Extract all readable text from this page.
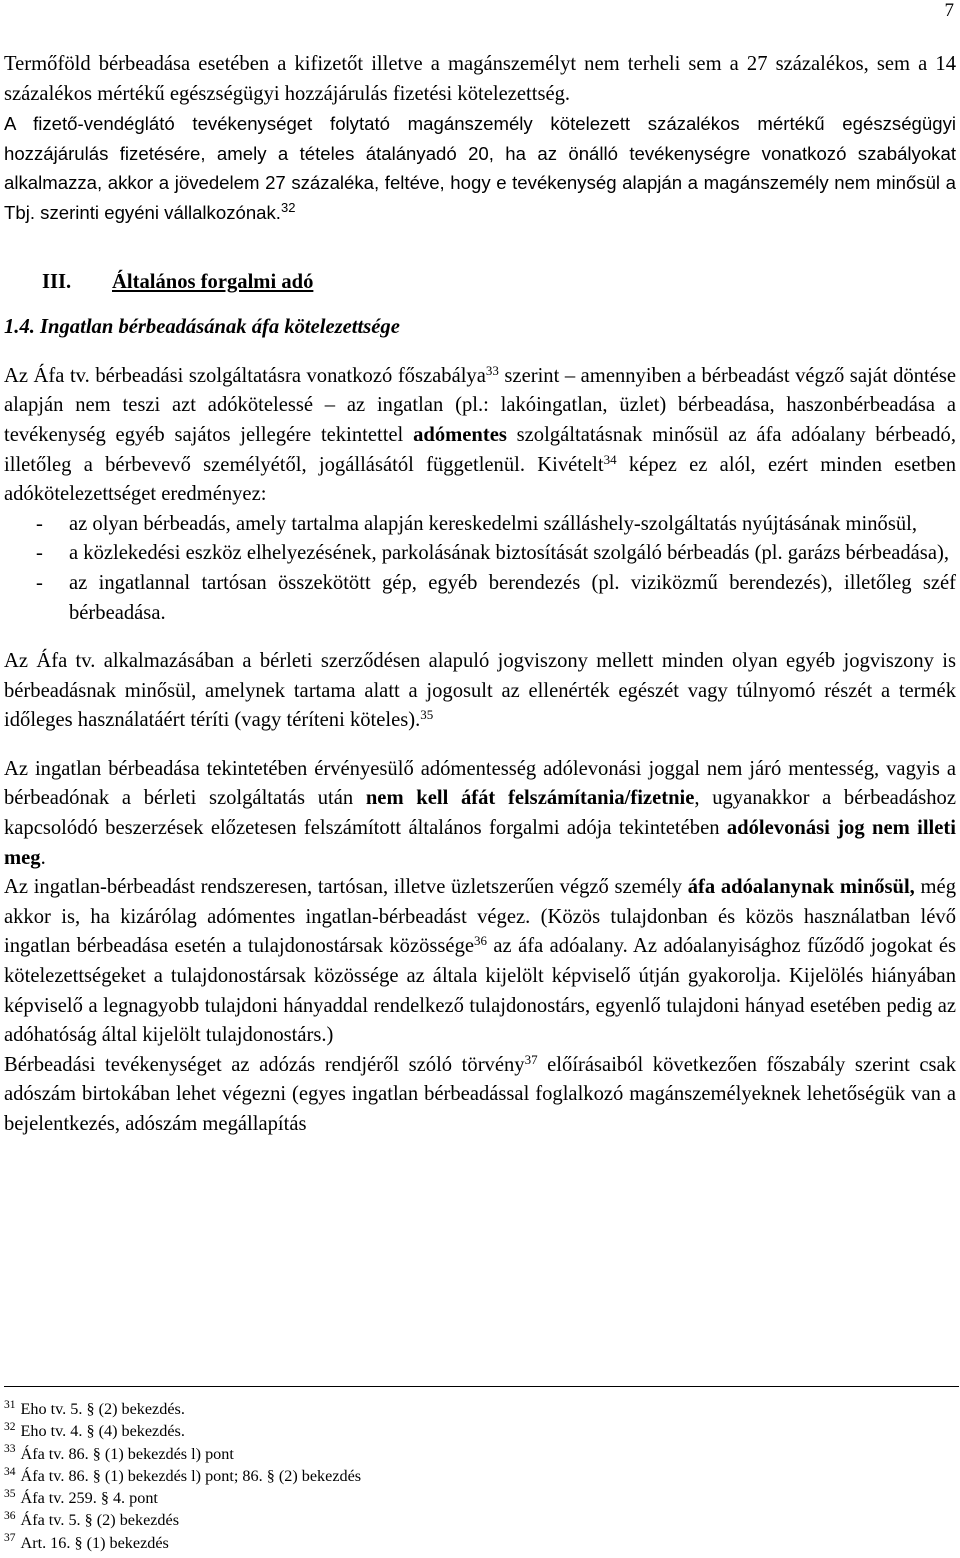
7

Termőföld bérbeadása esetében a kifizetőt illetve a magánszemélyt nem terheli sem a 27 százalékos, sem a 14 százalékos mértékű egészségügyi hozzájárulás fizetési kötelezettség.

A fizető-vendéglátó tevékenységet folytató magánszemély kötelezett százalékos mértékű egészségügyi hozzájárulás fizetésére, amely a tételes átalányadó 20, ha az önálló tevékenységre vonatkozó szabályokat alkalmazza, akkor a jövedelem 27 százaléka, feltéve, hogy e tevékenység alapján a magánszemély nem minősül a Tbj. szerinti egyéni vállalkozónak.$^{32}$

III.	Általános forgalmi adó
1.4. Ingatlan bérbeadásának áfa kötelezettsége

Az Áfa tv. bérbeadási szolgáltatásra vonatkozó főszabálya$^{33}$ szerint – amennyiben a bérbeadást végző saját döntése alapján nem teszi azt adókötelessé – az ingatlan (pl.: lakóingatlan, üzlet) bérbeadása, haszonbérbeadása a tevékenység egyéb sajátos jellegére tekintettel adómentes szolgáltatásnak minősül az áfa adóalany bérbeadó, illetőleg a bérbevevő személyétől, jogállásától függetlenül. Kivételt$^{34}$ képez ez alól, ezért minden esetben adókötelezettséget eredményez:

- az olyan bérbeadás, amely tartalma alapján kereskedelmi szálláshely-szolgáltatás nyújtásának minősül,
- a közlekedési eszköz elhelyezésének, parkolásának biztosítását szolgáló bérbeadás (pl. garázs bérbeadása),
- az ingatlannal tartósan összekötött gép, egyéb berendezés (pl. viziközmű berendezés), illetőleg széf bérbeadása.

Az Áfa tv. alkalmazásában a bérleti szerződésen alapuló jogviszony mellett minden olyan egyéb jogviszony is bérbeadásnak minősül, amelynek tartama alatt a jogosult az ellenérték egészét vagy túlnyomó részét a termék időleges használatáért téríti (vagy téríteni köteles).$^{35}$

Az ingatlan bérbeadása tekintetében érvényesülő adómentesség adólevonási joggal nem járó mentesség, vagyis a bérbeadónak a bérleti szolgáltatás után nem kell áfát felszámítania/fizetnie, ugyanakkor a bérbeadáshoz kapcsolódó beszerzések előzetesen felszámított általános forgalmi adója tekintetében adólevonási jog nem illeti meg.

Az ingatlan-bérbeadást rendszeresen, tartósan, illetve üzletszerűen végző személy áfa adóalanynak minősül, még akkor is, ha kizárólag adómentes ingatlan-bérbeadást végez. (Közös tulajdonban és közös használatban lévő ingatlan bérbeadása esetén a tulajdonostársak közössége$^{36}$ az áfa adóalany. Az adóalanyisághoz fűződő jogokat és kötelezettségeket a tulajdonostársak közössége az általa kijelölt képviselő útján gyakorolja. Kijelölés hiányában képviselő a legnagyobb tulajdoni hányaddal rendelkező tulajdonostárs, egyenlő tulajdoni hányad esetében pedig az adóhatóság által kijelölt tulajdonostárs.)

Bérbeadási tevékenységet az adózás rendjéről szóló törvény$^{37}$ előírásaiból következően főszabály szerint csak adószám birtokában lehet végezni (egyes ingatlan bérbeadással foglalkozó magánszemélyeknek lehetőségük van a bejelentkezés, adószám megállapítás

$^{31}$ Eho tv. 5. § (2) bekezdés.
$^{32}$ Eho tv. 4. § (4) bekezdés.
$^{33}$ Áfa tv. 86. § (1) bekezdés l) pont
$^{34}$ Áfa tv. 86. § (1) bekezdés l) pont; 86. § (2) bekezdés
$^{35}$ Áfa tv. 259. § 4. pont
$^{36}$ Áfa tv. 5. § (2) bekezdés
$^{37}$ Art. 16. § (1) bekezdés
